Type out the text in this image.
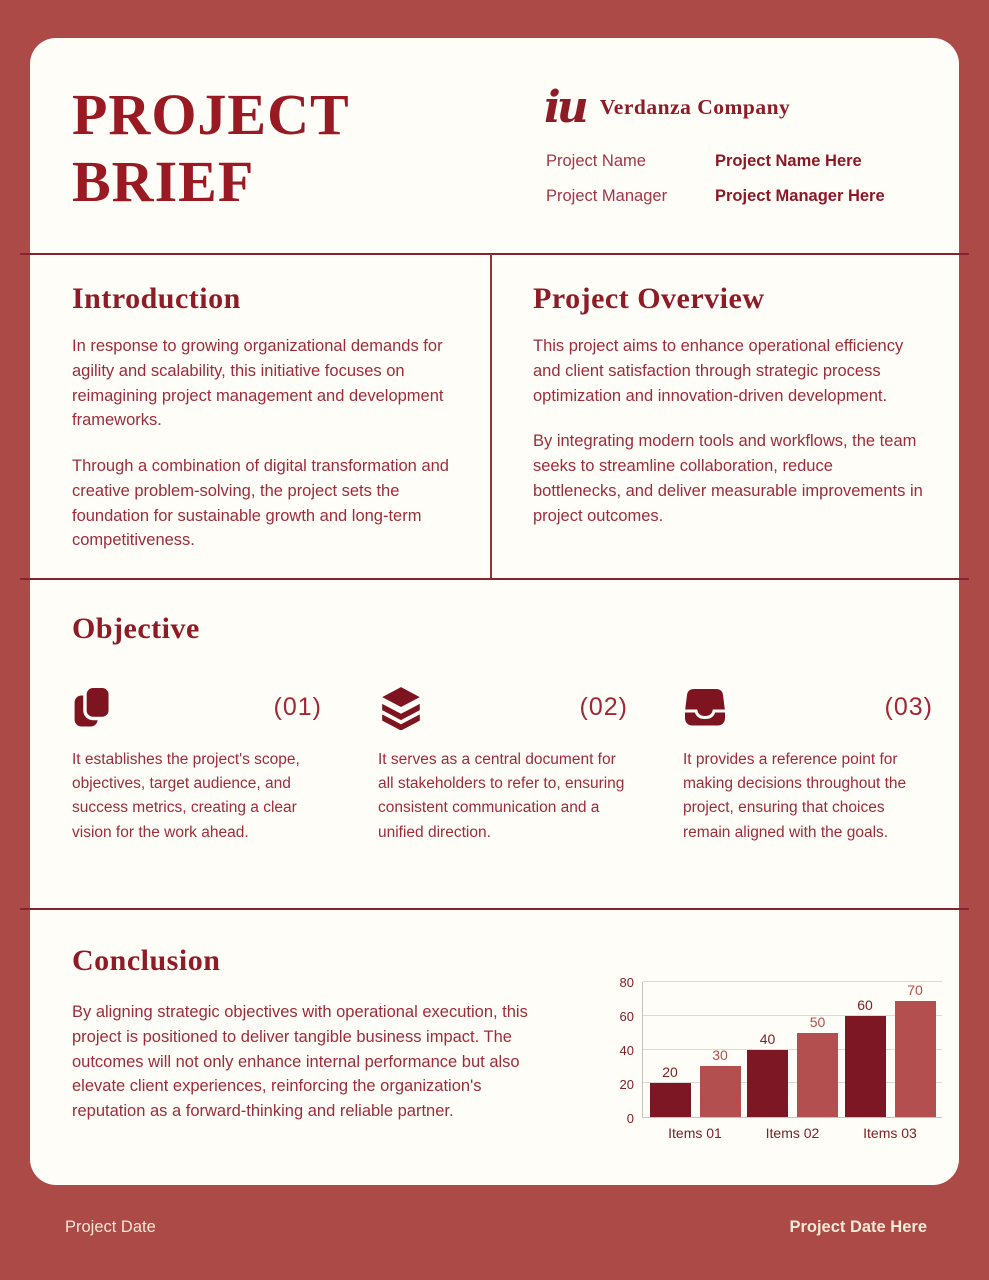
PROJECT
BRIEF
iu Verdanza Company
Project Name	Project Name Here
Project Manager	Project Manager Here
Introduction

In response to growing organizational demands for agility and scalability, this initiative focuses on reimagining project management and development frameworks.

Through a combination of digital transformation and creative problem-solving, the project sets the foundation for sustainable growth and long-term competitiveness.

Project Overview

This project aims to enhance operational efficiency and client satisfaction through strategic process optimization and innovation-driven development.

By integrating modern tools and workflows, the team seeks to streamline collaboration, reduce bottlenecks, and deliver measurable improvements in project outcomes.

Objective
(01)

It establishes the project's scope, objectives, target audience, and success metrics, creating a clear vision for the work ahead.

(02)

It serves as a central document for all stakeholders to refer to, ensuring consistent communication and a unified direction.

(03)

It provides a reference point for making decisions throughout the project, ensuring that choices remain aligned with the goals.

Conclusion

By aligning strategic objectives with operational execution, this project is positioned to deliver tangible business impact. The outcomes will not only enhance internal performance but also elevate client experiences, reinforcing the organization's reputation as a forward-thinking and reliable partner.	0
20
40
60
80
20
30
Items 01
40
50
Items 02
60
70
Items 03
Project Date	Project Date Here
